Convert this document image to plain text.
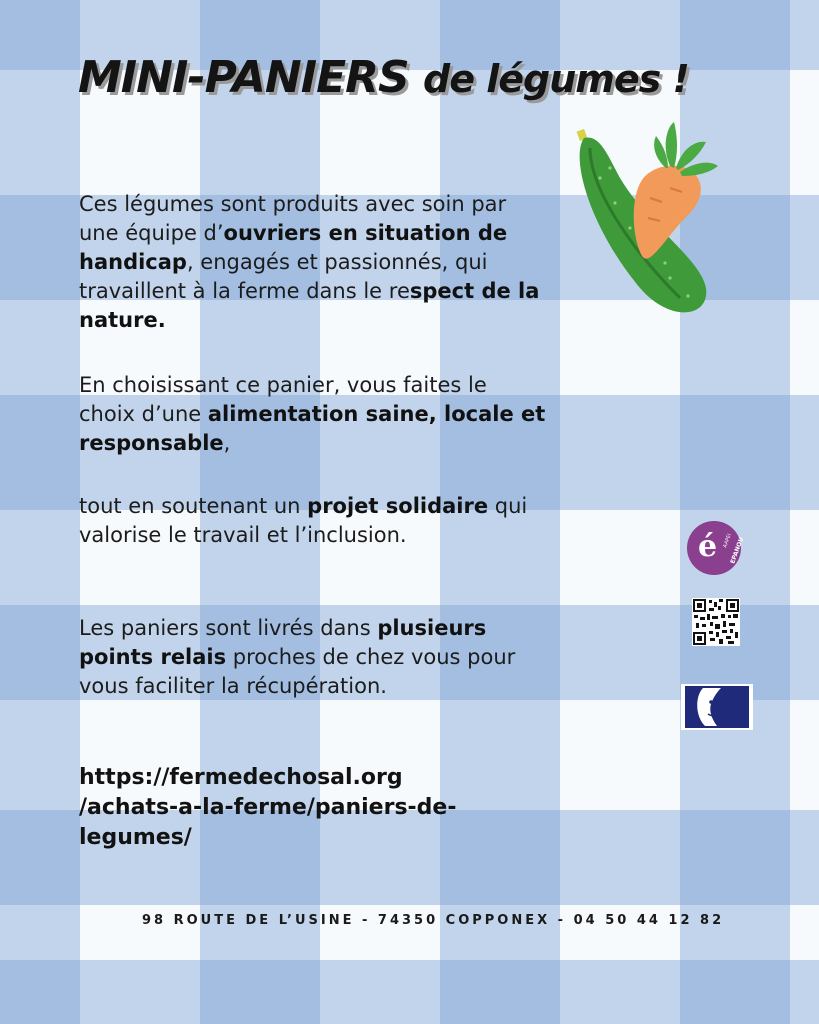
MINI-PANIERS de légumes !

Ces légumes sont produits avec soin par une équipe d’ouvriers en situation de handicap, engagés et passionnés, qui travaillent à la ferme dans le respect de la nature.

En choisissant ce panier, vous faites le choix d’une alimentation saine, locale et responsable,

tout en soutenant un projet solidaire qui valorise le travail et l’inclusion.

Les paniers sont livrés dans plusieurs points relais proches de chez vous pour vous faciliter la récupération.

https://fermedechosal.org
/achats-a-la-ferme/paniers-de-
legumes/
é AAPEI
EPANOU
98 ROUTE DE L’USINE - 74350 COPPONEX - 04 50 44 12 82
